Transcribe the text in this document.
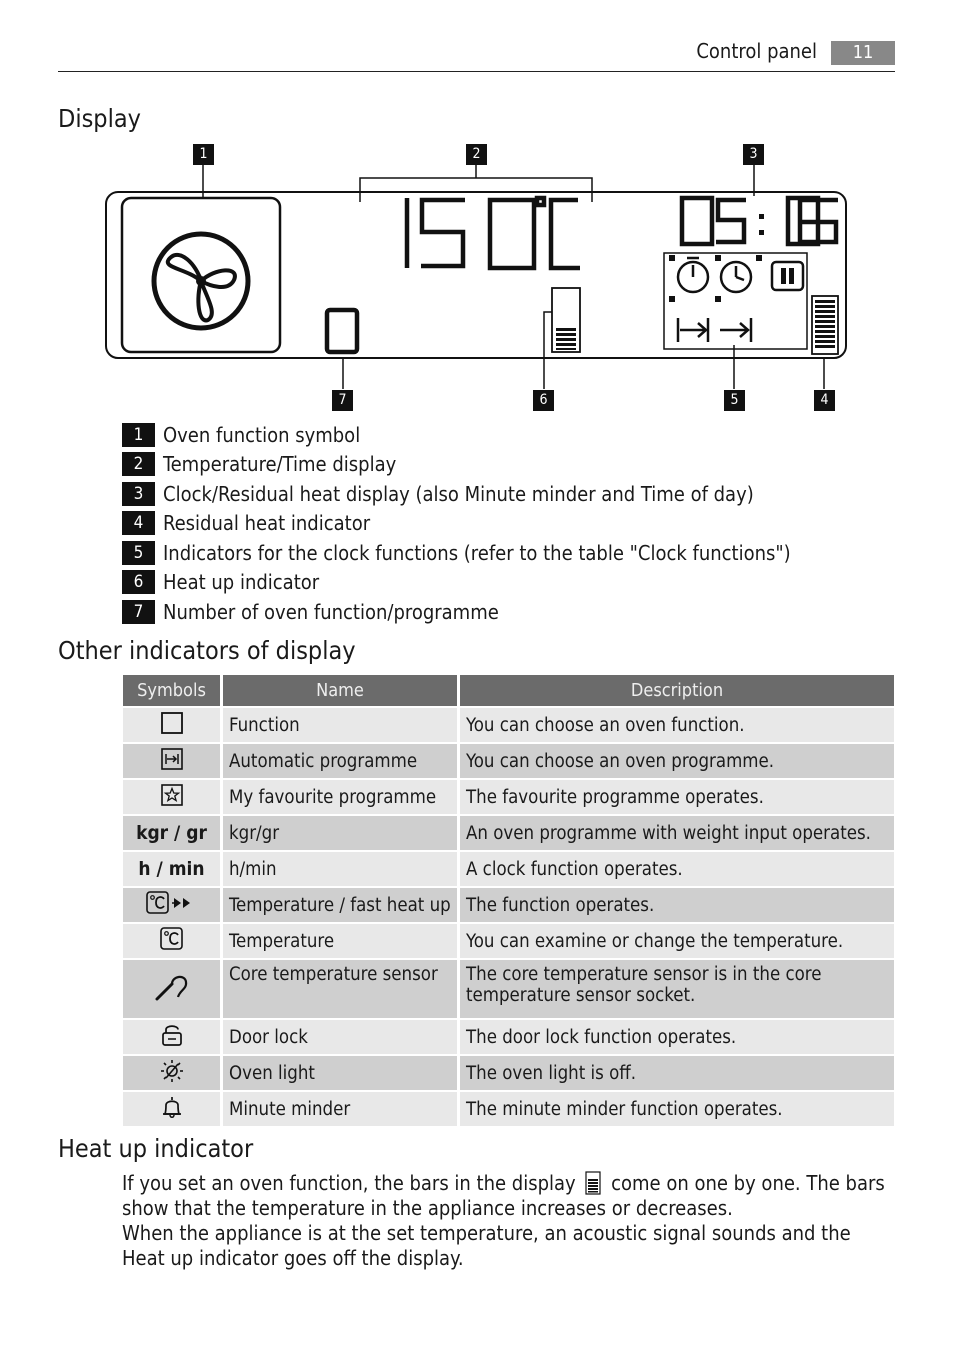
Control panel	11
Display
1	2	3
4
5
6
7
1 Oven function symbol
2 Temperature/Time display
3 Clock/Residual heat display (also Minute minder and Time of day)
4 Residual heat indicator
5 Indicators for the clock functions (refer to the table "Clock functions")
6 Heat up indicator
7 Number of oven function/programme
Other indicators of display
Symbols	Name	Description
	Function	You can choose an oven function.
	Automatic programme	You can choose an oven programme.
	My favourite programme	The favourite programme operates.
kgr / gr	kgr/gr	An oven programme with weight input operates.
h / min	h/min	A clock function operates.
	Temperature / fast heat up	The function operates.
	Temperature	You can examine or change the temperature.
	Core temperature sensor	The core temperature sensor is in the core temperature sensor socket.
	Door lock	The door lock function operates.
	Oven light	The oven light is off.
	Minute minder	The minute minder function operates.
Heat up indicator
If you set an oven function, the bars in the display come on one by one. The bars show that the temperature in the appliance increases or decreases.
When the appliance is at the set temperature, an acoustic signal sounds and the Heat up indicator goes off the display.
